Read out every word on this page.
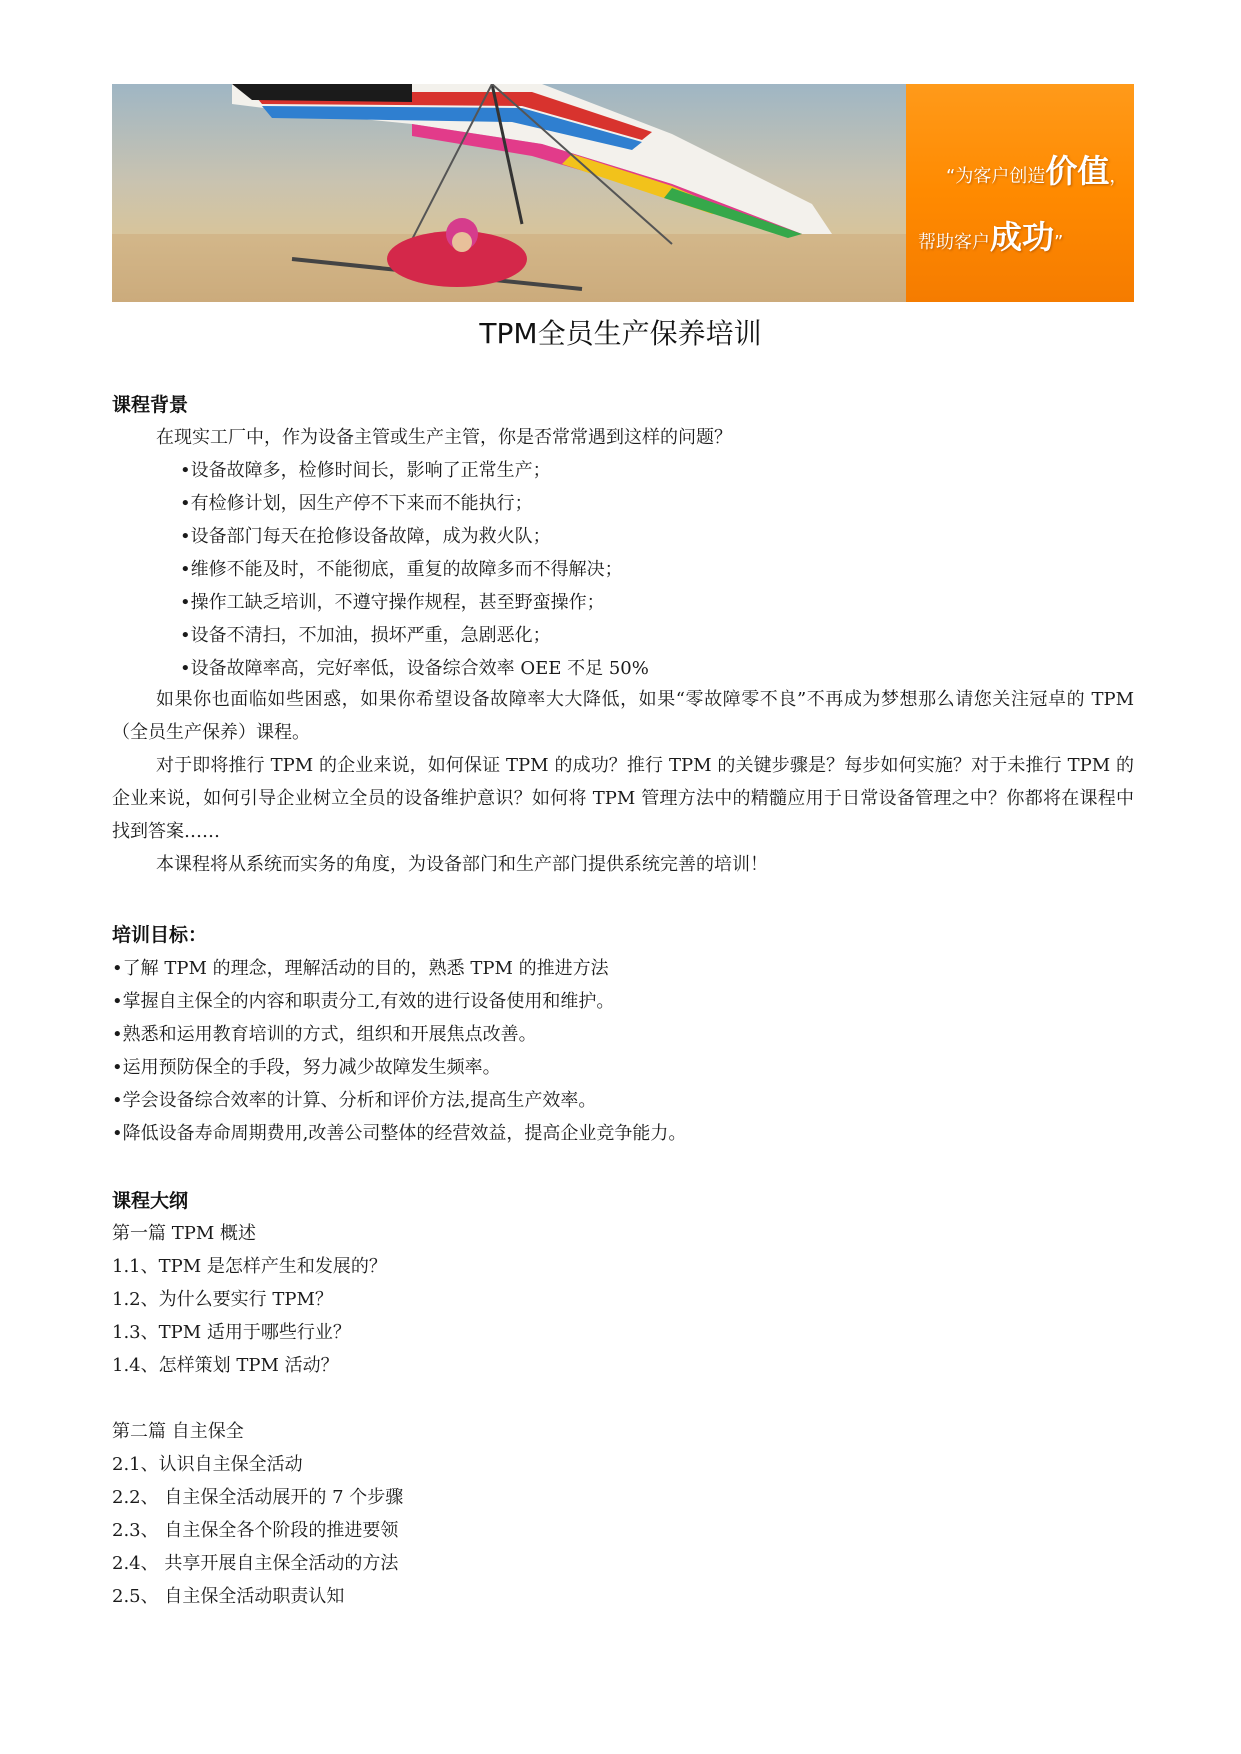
“为客户创造价值，
帮助客户成功”
TPM全员生产保养培训
课程背景
在现实工厂中，作为设备主管或生产主管，你是否常常遇到这样的问题？
•设备故障多，检修时间长，影响了正常生产；
•有检修计划，因生产停不下来而不能执行；
•设备部门每天在抢修设备故障，成为救火队；
•维修不能及时，不能彻底，重复的故障多而不得解决；
•操作工缺乏培训，不遵守操作规程，甚至野蛮操作；
•设备不清扫，不加油，损坏严重，急剧恶化；
•设备故障率高，完好率低，设备综合效率 OEE 不足 50%
如果你也面临如些困惑，如果你希望设备故障率大大降低，如果“零故障零不良”不再成为梦想那么请您关注冠卓的 TPM（全员生产保养）课程。
对于即将推行 TPM 的企业来说，如何保证 TPM 的成功？推行 TPM 的关键步骤是？每步如何实施？对于未推行 TPM 的企业来说，如何引导企业树立全员的设备维护意识？如何将 TPM 管理方法中的精髓应用于日常设备管理之中？你都将在课程中找到答案……
本课程将从系统而实务的角度，为设备部门和生产部门提供系统完善的培训！
培训目标：
•了解 TPM 的理念，理解活动的目的，熟悉 TPM 的推进方法
•掌握自主保全的内容和职责分工,有效的进行设备使用和维护。
•熟悉和运用教育培训的方式，组织和开展焦点改善。
•运用预防保全的手段，努力减少故障发生频率。
•学会设备综合效率的计算、分析和评价方法,提高生产效率。
•降低设备寿命周期费用,改善公司整体的经营效益，提高企业竞争能力。
课程大纲
第一篇 TPM 概述
1.1、TPM 是怎样产生和发展的？
1.2、为什么要实行 TPM？
1.3、TPM 适用于哪些行业？
1.4、怎样策划 TPM 活动？
第二篇 自主保全
2.1、认识自主保全活动
2.2、 自主保全活动展开的 7 个步骤
2.3、 自主保全各个阶段的推进要领
2.4、 共享开展自主保全活动的方法
2.5、 自主保全活动职责认知
